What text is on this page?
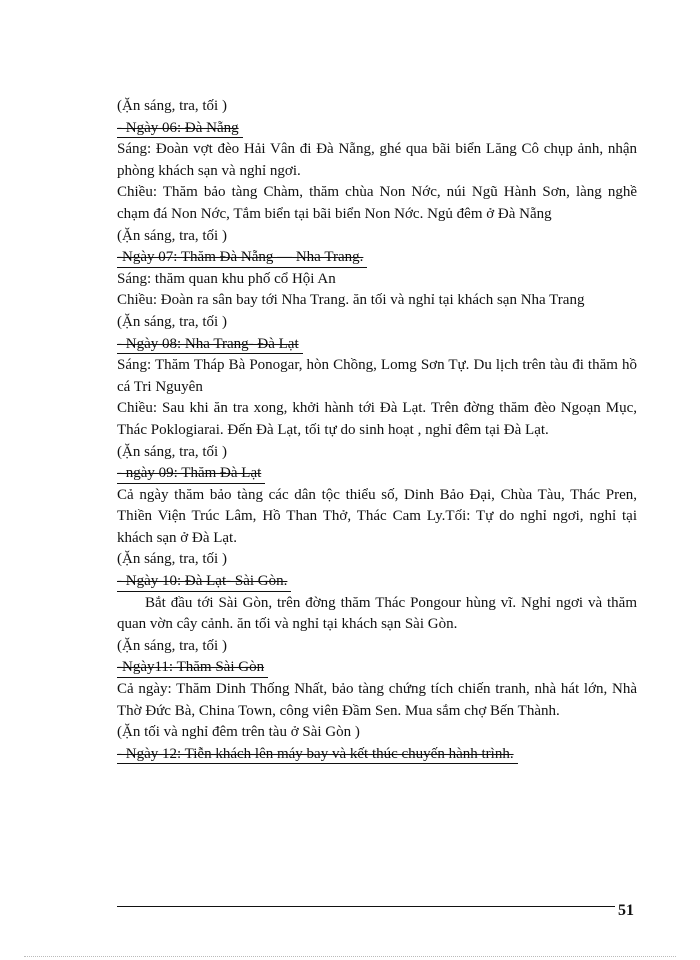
(Ặn sáng, tra, tối )

- Ngày 06: Đà Nẵng

Sáng: Đoàn vợt đèo Hải Vân đi Đà Nẵng, ghé qua bãi biển Lăng Cô chụp ảnh, nhận phòng khách sạn và nghỉ ngơi.

Chiều: Thăm bảo tàng Chàm, thăm chùa Non Nớc, núi Ngũ Hành Sơn, làng nghề chạm đá Non Nớc, Tắm biển tại bãi biển Non Nớc. Ngủ đêm ở Đà Nẵng

(Ặn sáng, tra, tối )

-Ngày 07: Thăm Đà Nẵng — Nha Trang.

Sáng: thăm quan khu phố cổ Hội An

Chiều: Đoàn ra sân bay tới Nha Trang. ăn tối và nghỉ tại khách sạn Nha Trang

(Ặn sáng, tra, tối )

- Ngày 08: Nha Trang- Đà Lạt

Sáng: Thăm Tháp Bà Ponogar, hòn Chồng, Lomg Sơn Tự. Du lịch trên tàu đi thăm hồ cá Tri Nguyên

Chiều: Sau khi ăn tra xong, khởi hành tới Đà Lạt. Trên đờng thăm đèo Ngoạn Mục, Thác Poklogiarai. Đến Đà Lạt, tối tự do sinh hoạt , nghỉ đêm tại Đà Lạt.

(Ặn sáng, tra, tối )

- ngày 09: Thăm Đà Lạt

Cả ngày thăm bảo tàng các dân tộc thiểu số, Dinh Bảo Đại, Chùa Tàu, Thác Pren, Thiền Viện Trúc Lâm, Hồ Than Thở, Thác Cam Ly.Tối: Tự do nghỉ ngơi, nghỉ tại khách sạn ở Đà Lạt.

(Ặn sáng, tra, tối )

- Ngày 10: Đà Lạt- Sài Gòn.

Bắt đầu tới Sài Gòn, trên đờng thăm Thác Pongour hùng vĩ. Nghỉ ngơi và thăm quan vờn cây cảnh. ăn tối và nghỉ tại khách sạn Sài Gòn.

(Ặn sáng, tra, tối )

-Ngày11: Thăm Sài Gòn

Cả ngày: Thăm Dinh Thống Nhất, bảo tàng chứng tích chiến tranh, nhà hát lớn, Nhà Thờ Đức Bà, China Town, công viên Đầm Sen. Mua sắm chợ Bến Thành.

(Ặn tối và nghỉ đêm trên tàu ở Sài Gòn )

- Ngày 12: Tiễn khách lên máy bay và kết thúc chuyến hành trình.
51
